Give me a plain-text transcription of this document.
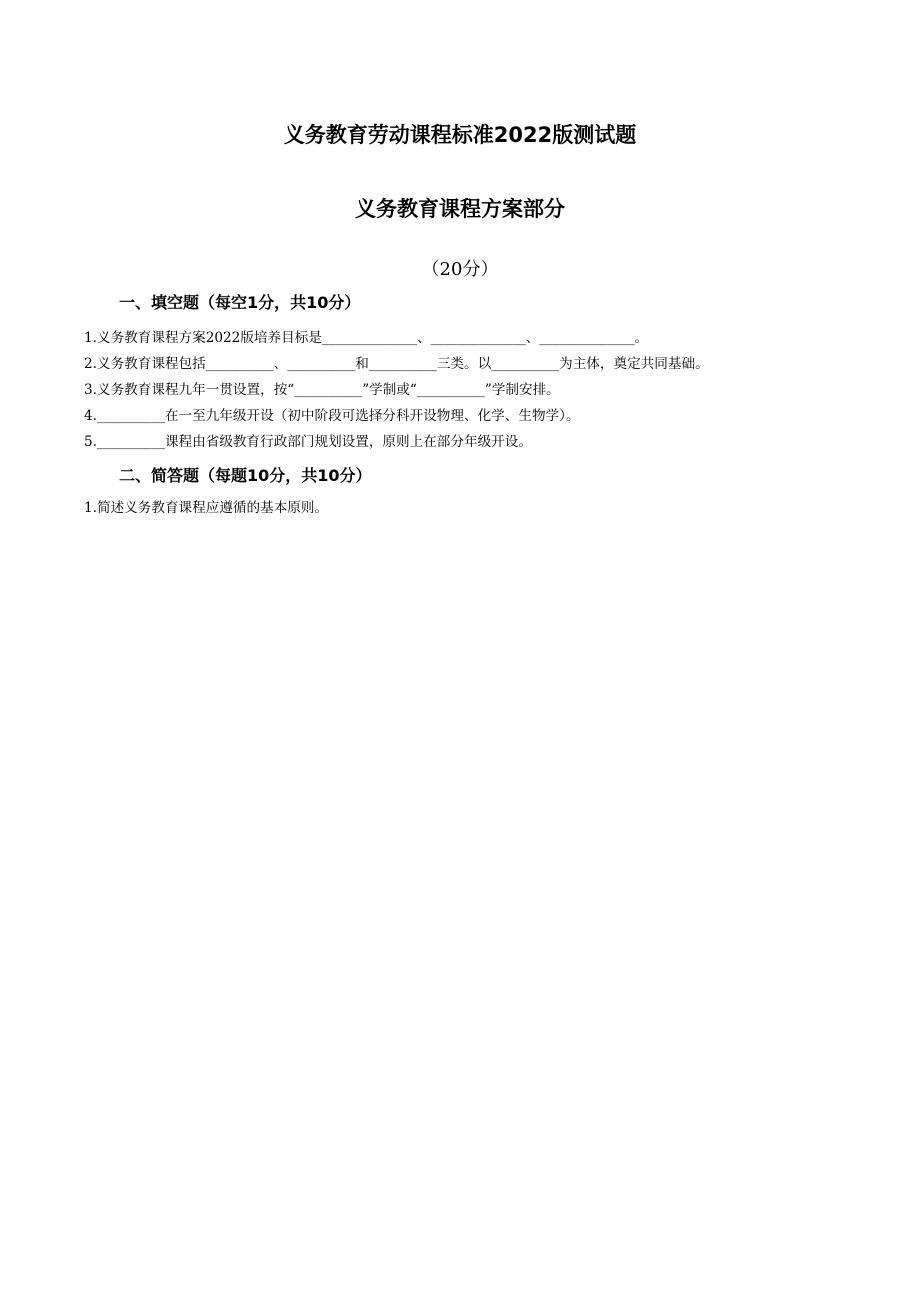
义务教育劳动课程标准2022版测试题
义务教育课程方案部分
（20分）
一、填空题（每空1分，共10分）
1.义务教育课程方案2022版培养目标是______________、______________、______________。
2.义务教育课程包括__________、__________和__________三类。以__________为主体，奠定共同基础。
3.义务教育课程九年一贯设置，按“__________”学制或“__________”学制安排。
4.__________在一至九年级开设（初中阶段可选择分科开设物理、化学、生物学）。
5.__________课程由省级教育行政部门规划设置，原则上在部分年级开设。
二、简答题（每题10分，共10分）
1.简述义务教育课程应遵循的基本原则。
